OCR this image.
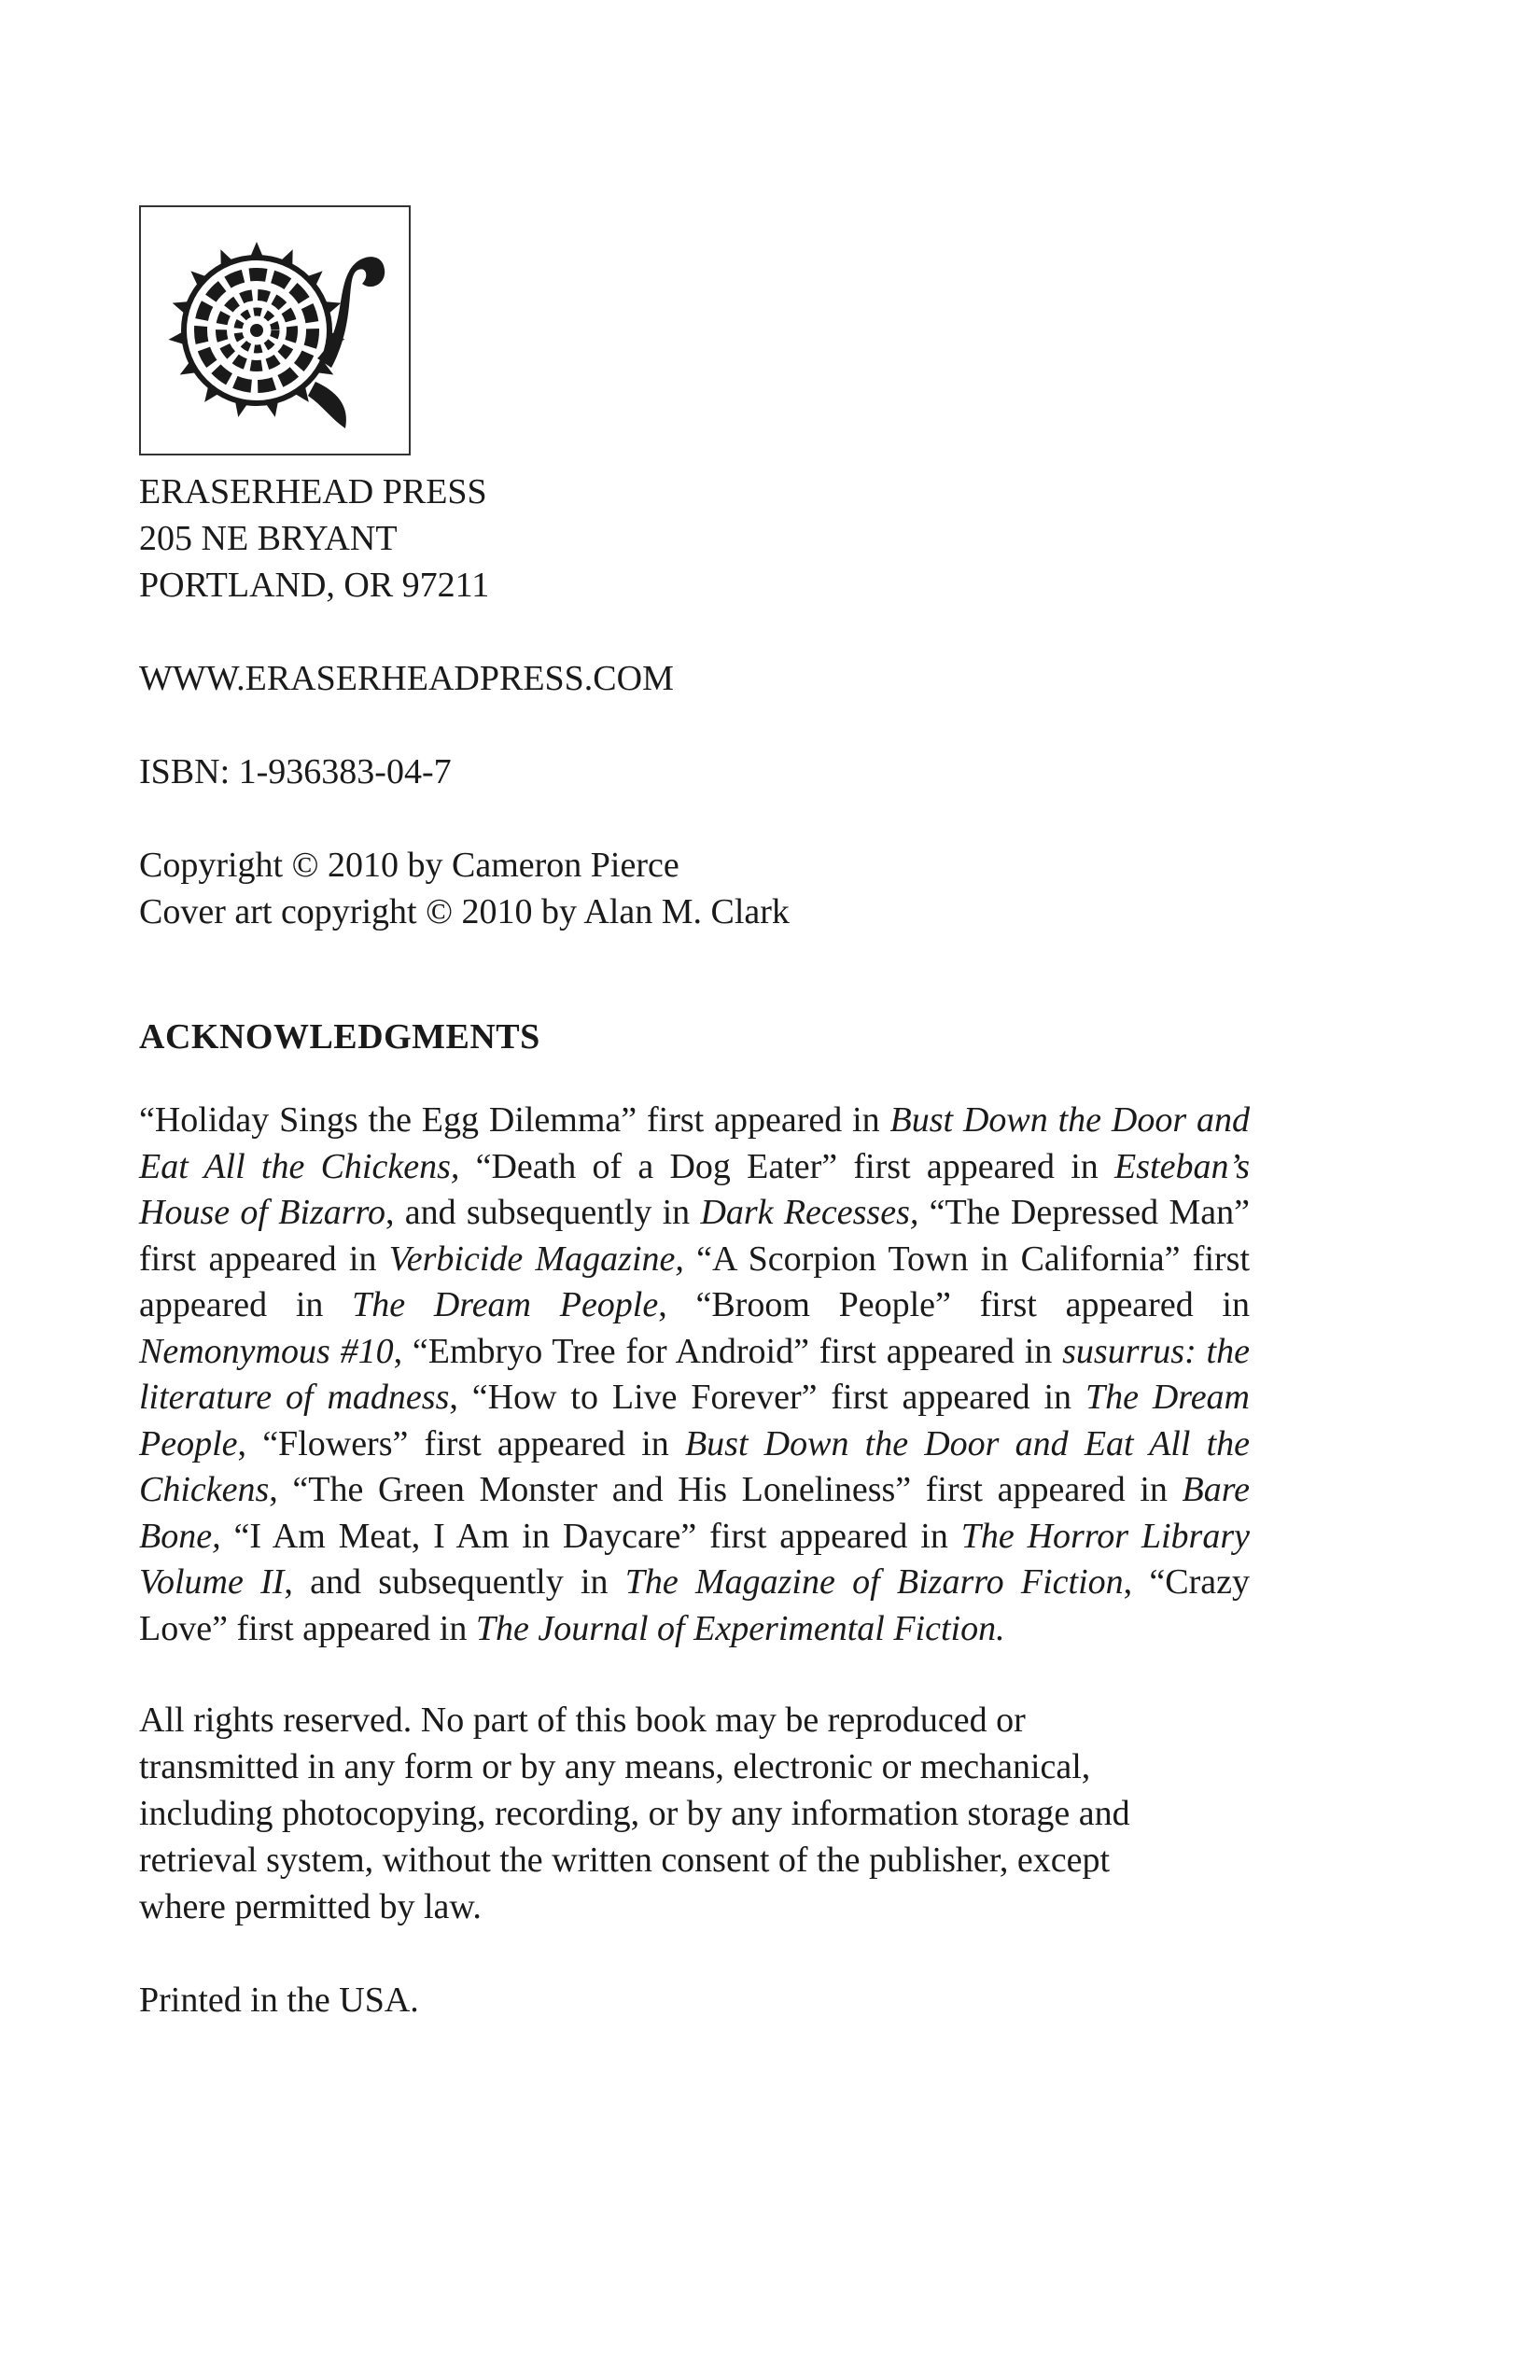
ERASERHEAD PRESS
205 NE BRYANT
PORTLAND, OR 97211
WWW.ERASERHEADPRESS.COM
ISBN: 1-936383-04-7
Copyright © 2010 by Cameron Pierce
Cover art copyright © 2010 by Alan M. Clark
ACKNOWLEDGMENTS

“Holiday Sings the Egg Dilemma” first appeared in Bust Down the Door and Eat All the Chickens, “Death of a Dog Eater” first appeared in Esteban’s House of Bizarro, and subsequently in Dark Recesses, “The Depressed Man” first appeared in Verbicide Magazine, “A Scorpion Town in California” first appeared in The Dream People, “Broom People” first appeared in Nemonymous #10, “Embryo Tree for Android” first appeared in susurrus: the literature of madness, “How to Live Forever” first appeared in The Dream People, “Flowers” first appeared in Bust Down the Door and Eat All the Chickens, “The Green Monster and His Loneliness” first appeared in Bare Bone, “I Am Meat, I Am in Daycare” first appeared in The Horror Library Volume II, and subsequently in The Magazine of Bizarro Fiction, “Crazy Love” first appeared in The Journal of Experimental Fiction.

All rights reserved. No part of this book may be reproduced or
transmitted in any form or by any means, electronic or mechanical,
including photocopying, recording, or by any information storage and
retrieval system, without the written consent of the publisher, except
where permitted by law.
Printed in the USA.
